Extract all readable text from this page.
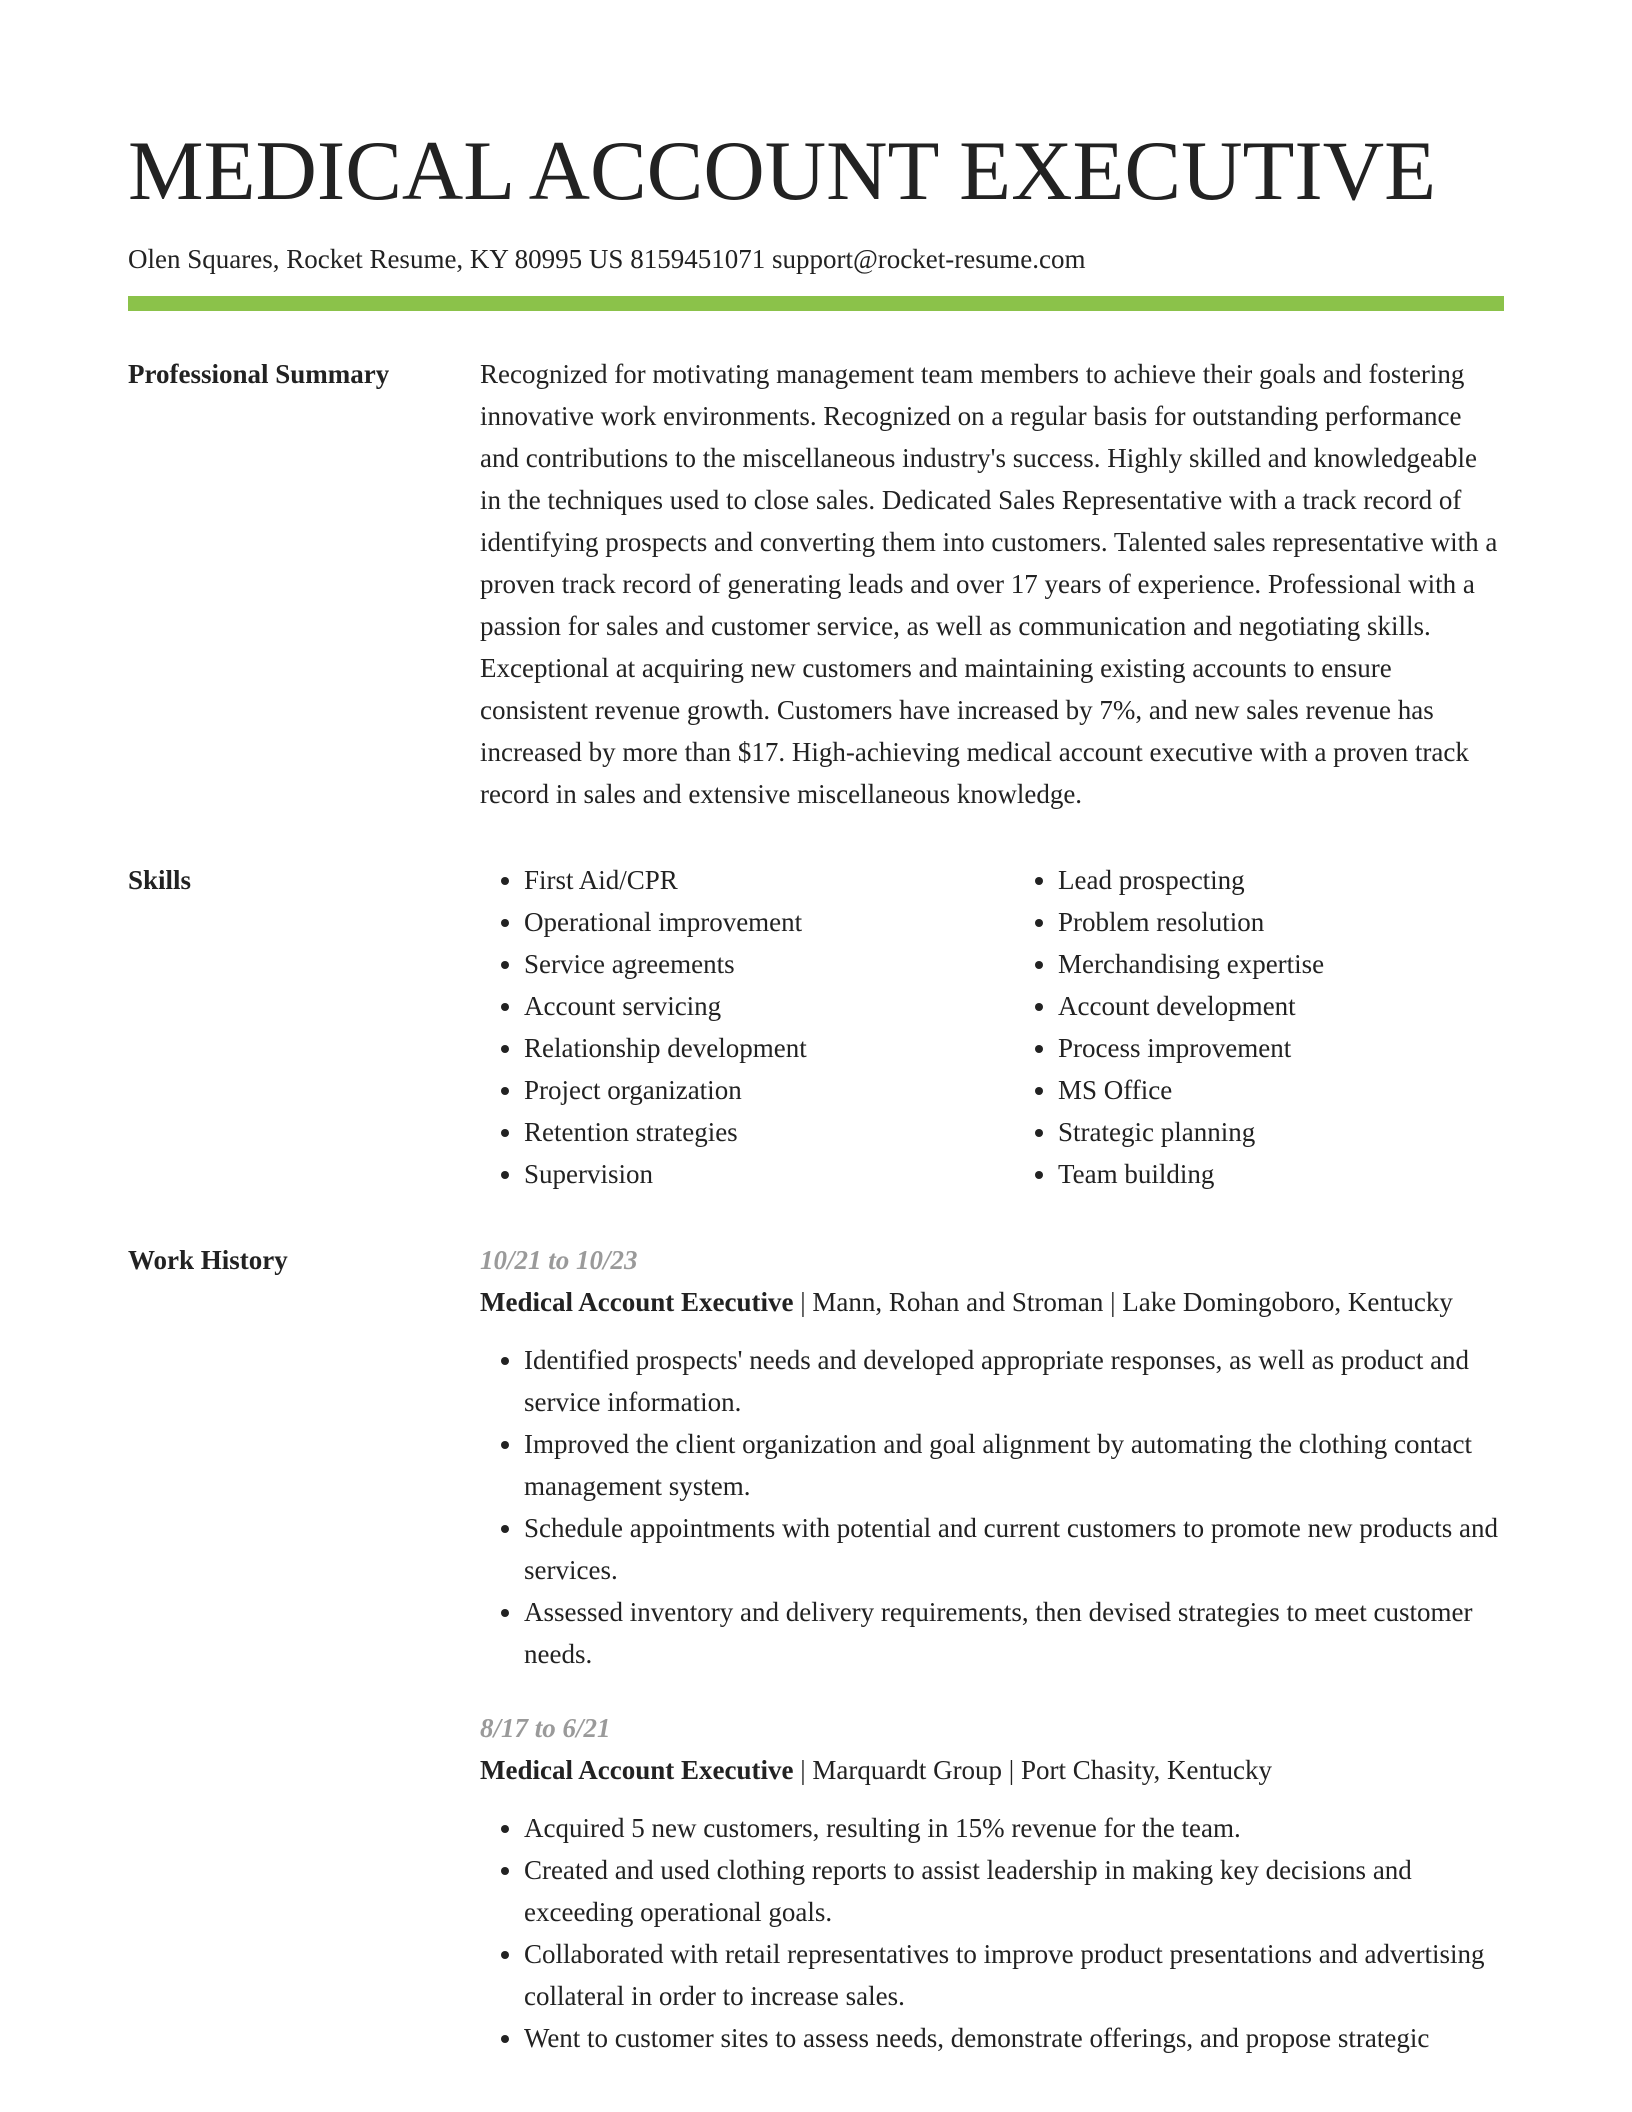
MEDICAL ACCOUNT EXECUTIVE
Olen Squares, Rocket Resume, KY 80995 US 8159451071 support@rocket-resume.com
Professional Summary	Recognized for motivating management team members to achieve their goals and fostering innovative work environments. Recognized on a regular basis for outstanding performance and contributions to the miscellaneous industry's success. Highly skilled and knowledgeable in the techniques used to close sales. Dedicated Sales Representative with a track record of identifying prospects and converting them into customers. Talented sales representative with a proven track record of generating leads and over 17 years of experience. Professional with a passion for sales and customer service, as well as communication and negotiating skills. Exceptional at acquiring new customers and maintaining existing accounts to ensure consistent revenue growth. Customers have increased by 7%, and new sales revenue has increased by more than $17. High-achieving medical account executive with a proven track record in sales and extensive miscellaneous knowledge.

Skills
•	First Aid/CPR
• Operational improvement
• Service agreements
• Account servicing
• Relationship development
• Project organization
• Retention strategies
• Supervision
• Lead prospecting
• Problem resolution
• Merchandising expertise
• Account development
• Process improvement
• MS Office
• Strategic planning
• Team building
Work History	10/21 to 10/23
Medical Account Executive | Mann, Rohan and Stroman | Lake Domingoboro, Kentucky
• Identified prospects' needs and developed appropriate responses, as well as product and service information.
• Improved the client organization and goal alignment by automating the clothing contact management system.
• Schedule appointments with potential and current customers to promote new products and services.
• Assessed inventory and delivery requirements, then devised strategies to meet customer needs.
8/17 to 6/21
Medical Account Executive | Marquardt Group | Port Chasity, Kentucky
• Acquired 5 new customers, resulting in 15% revenue for the team.
• Created and used clothing reports to assist leadership in making key decisions and exceeding operational goals.
• Collaborated with retail representatives to improve product presentations and advertising collateral in order to increase sales.
• Went to customer sites to assess needs, demonstrate offerings, and propose strategic
